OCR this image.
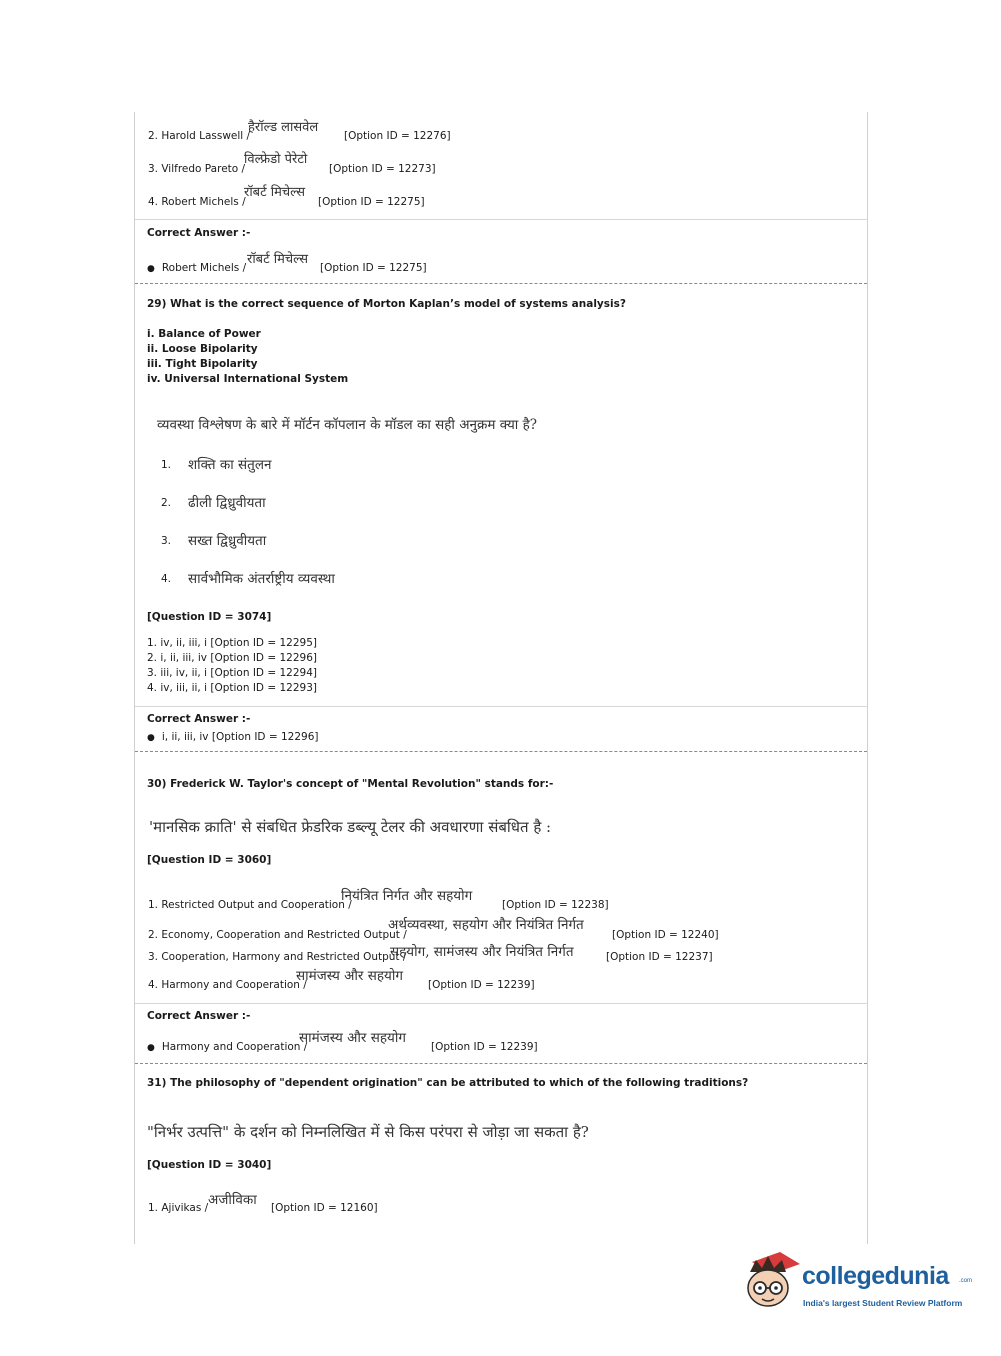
2. Harold Lasswell /
हैरॉल्ड लासवेल
[Option ID = 12276]
3. Vilfredo Pareto /
विल्फ्रेडो पेरेटो
[Option ID = 12273]
4. Robert Michels /
रॉबर्ट मिचेल्स
[Option ID = 12275]
Correct Answer :-
● Robert Michels /
रॉबर्ट मिचेल्स
[Option ID = 12275]
29) What is the correct sequence of Morton Kaplan’s model of systems analysis?
i. Balance of Power
ii. Loose Bipolarity
iii. Tight Bipolarity
iv. Universal International System
व्यवस्था विश्लेषण के बारे में मॉर्टन कॉपलान के मॉडल का सही अनुक्रम क्या है?
1. शक्ति का संतुलन
2. ढीली द्विध्रुवीयता
3. सख्त द्विध्रुवीयता
4. सार्वभौमिक अंतर्राष्ट्रीय व्यवस्था
[Question ID = 3074]
1. iv, ii, iii, i [Option ID = 12295]
2. i, ii, iii, iv [Option ID = 12296]
3. iii, iv, ii, i [Option ID = 12294]
4. iv, iii, ii, i [Option ID = 12293]
Correct Answer :-
● i, ii, iii, iv [Option ID = 12296]
30) Frederick W. Taylor's concept of "Mental Revolution" stands for:-
'मानसिक क्राति' से संबधित फ्रेडरिक डब्ल्यू टेलर की अवधारणा संबधित है :
[Question ID = 3060]
1. Restricted Output and Cooperation /
नियंत्रित निर्गत और सहयोग
[Option ID = 12238]
2. Economy, Cooperation and Restricted Output /
अर्थव्यवस्था, सहयोग और नियंत्रित निर्गत
[Option ID = 12240]
3. Cooperation, Harmony and Restricted Output /
सहयोग, सामंजस्य और नियंत्रित निर्गत	[Option ID = 12237]
4. Harmony and Cooperation /
सामंजस्य और सहयोग
[Option ID = 12239]
Correct Answer :-
● Harmony and Cooperation /
सामंजस्य और सहयोग
[Option ID = 12239]
31) The philosophy of "dependent origination" can be attributed to which of the following traditions?
"निर्भर उत्पत्ति" के दर्शन को निम्नलिखित में से किस परंपरा से जोड़ा जा सकता है?
[Question ID = 3040]
1. Ajivikas / अजीविका [Option ID = 12160]
collegedunia .com
India's largest Student Review Platform
